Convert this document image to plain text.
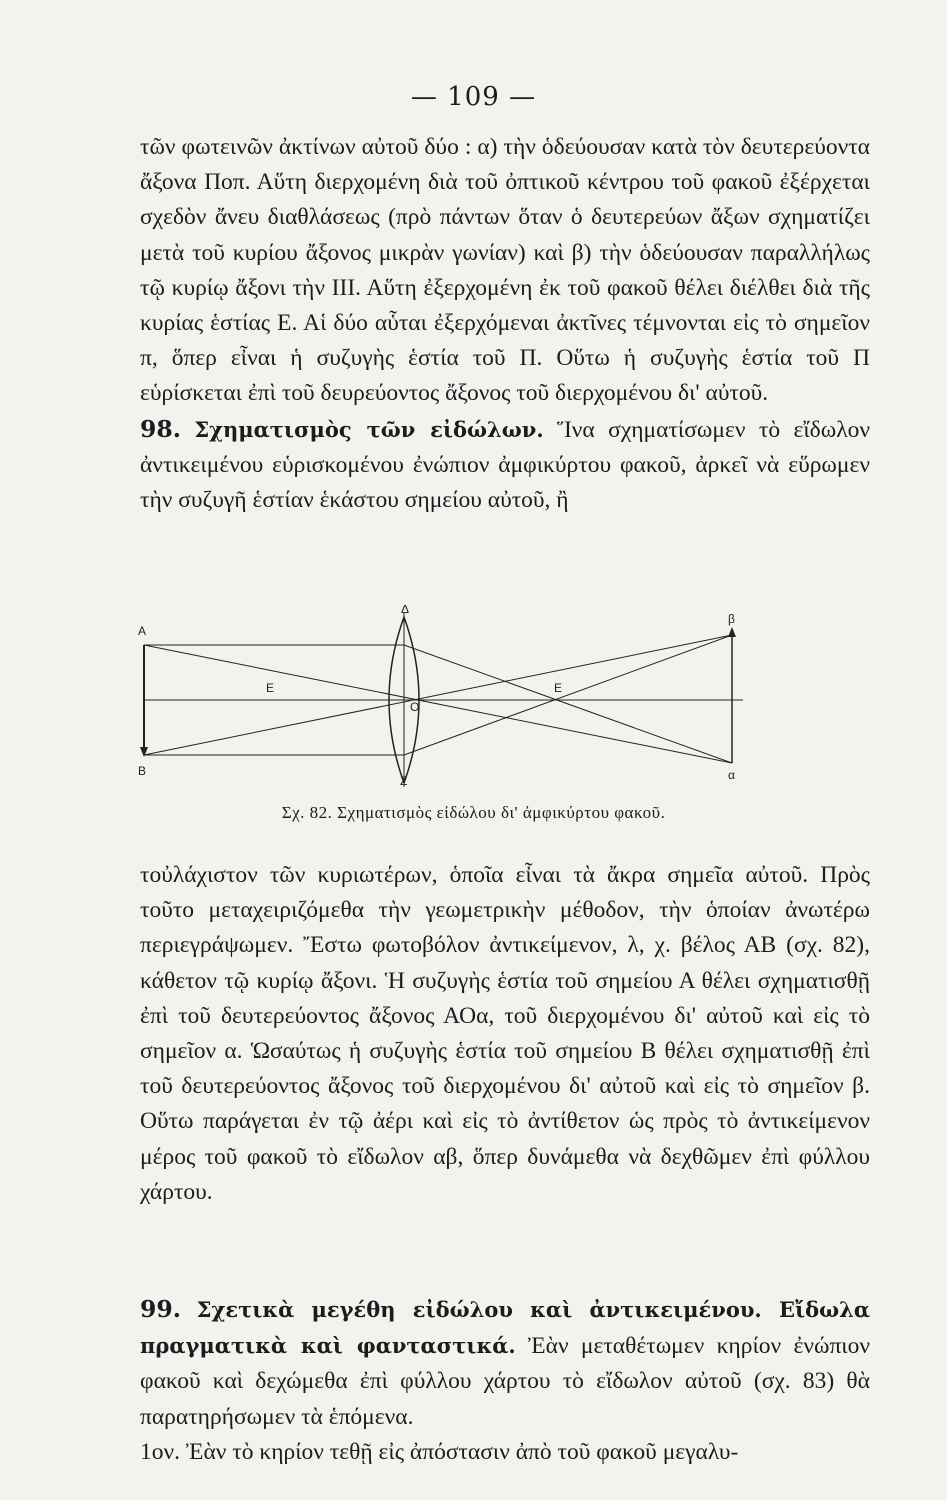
— 109 —

τῶν φωτεινῶν ἀκτίνων αὐτοῦ δύο : α) τὴν ὁδεύουσαν κατὰ τὸν δευτερεύοντα ἄξονα Ποπ. Αὕτη διερχομένη διὰ τοῦ ὀπτικοῦ κέντρου τοῦ φακοῦ ἐξέρχεται σχεδὸν ἄνευ διαθλάσεως (πρὸ πάντων ὅταν ὁ δευτερεύων ἄξων σχηματίζει μετὰ τοῦ κυρίου ἄξονος μικρὰν γωνίαν) καὶ β) τὴν ὁδεύουσαν παραλλήλως τῷ κυρίῳ ἄξονι τὴν ΙΙΙ. Αὕτη ἐξερχομένη ἐκ τοῦ φακοῦ θέλει διέλθει διὰ τῆς κυρίας ἑστίας Ε. Αἱ δύο αὗται ἐξερχόμεναι ἀκτῖνες τέμνονται εἰς τὸ σημεῖον π, ὅπερ εἶναι ἡ συζυγὴς ἑστία τοῦ Π. Οὕτω ἡ συζυγὴς ἑστία τοῦ Π εὑρίσκεται ἐπὶ τοῦ δευρεύοντος ἄξονος τοῦ διερχομένου δι' αὐτοῦ.

98. Σχηματισμὸς τῶν εἰδώλων. Ἵνα σχηματίσωμεν τὸ εἴδωλον ἀντικειμένου εὑρισκομένου ἐνώπιον ἀμφικύρτου φακοῦ, ἀρκεῖ νὰ εὕρωμεν τὴν συζυγῆ ἑστίαν ἑκάστου σημείου αὐτοῦ, ἢ

A
B
Δ
Z
O
E	E
β
α
Σχ. 82. Σχηματισμὸς εἰδώλου δι' ἀμφικύρτου φακοῦ.

τοὐλάχιστον τῶν κυριωτέρων, ὁποῖα εἶναι τὰ ἄκρα σημεῖα αὐτοῦ. Πρὸς τοῦτο μεταχειριζόμεθα τὴν γεωμετρικὴν μέθοδον, τὴν ὁποίαν ἀνωτέρω περιεγράψωμεν. Ἔστω φωτοβόλον ἀντικείμενον, λ, χ. βέλος ΑΒ (σχ. 82), κάθετον τῷ κυρίῳ ἄξονι. Ἡ συζυγὴς ἑστία τοῦ σημείου Α θέλει σχηματισθῇ ἐπὶ τοῦ δευτερεύοντος ἄξονος ΑΟα, τοῦ διερχομένου δι' αὐτοῦ καὶ εἰς τὸ σημεῖον α. Ὡσαύτως ἡ συζυγὴς ἑστία τοῦ σημείου Β θέλει σχηματισθῇ ἐπὶ τοῦ δευτερεύοντος ἄξονος τοῦ διερχομένου δι' αὐτοῦ καὶ εἰς τὸ σημεῖον β. Οὕτω παράγεται ἐν τῷ ἀέρι καὶ εἰς τὸ ἀντίθετον ὡς πρὸς τὸ ἀντικείμενον μέρος τοῦ φακοῦ τὸ εἴδωλον αβ, ὅπερ δυνάμεθα νὰ δεχθῶμεν ἐπὶ φύλλου χάρτου.

99. Σχετικὰ μεγέθη εἰδώλου καὶ ἀντικειμένου. Εἴδωλα πραγματικὰ καὶ φανταστικά. Ἐὰν μεταθέτωμεν κηρίον ἐνώπιον φακοῦ καὶ δεχώμεθα ἐπὶ φύλλου χάρτου τὸ εἴδωλον αὐτοῦ (σχ. 83) θὰ παρατηρήσωμεν τὰ ἑπόμενα.

1ον. Ἐὰν τὸ κηρίον τεθῇ εἰς ἀπόστασιν ἀπὸ τοῦ φακοῦ μεγαλυ-
